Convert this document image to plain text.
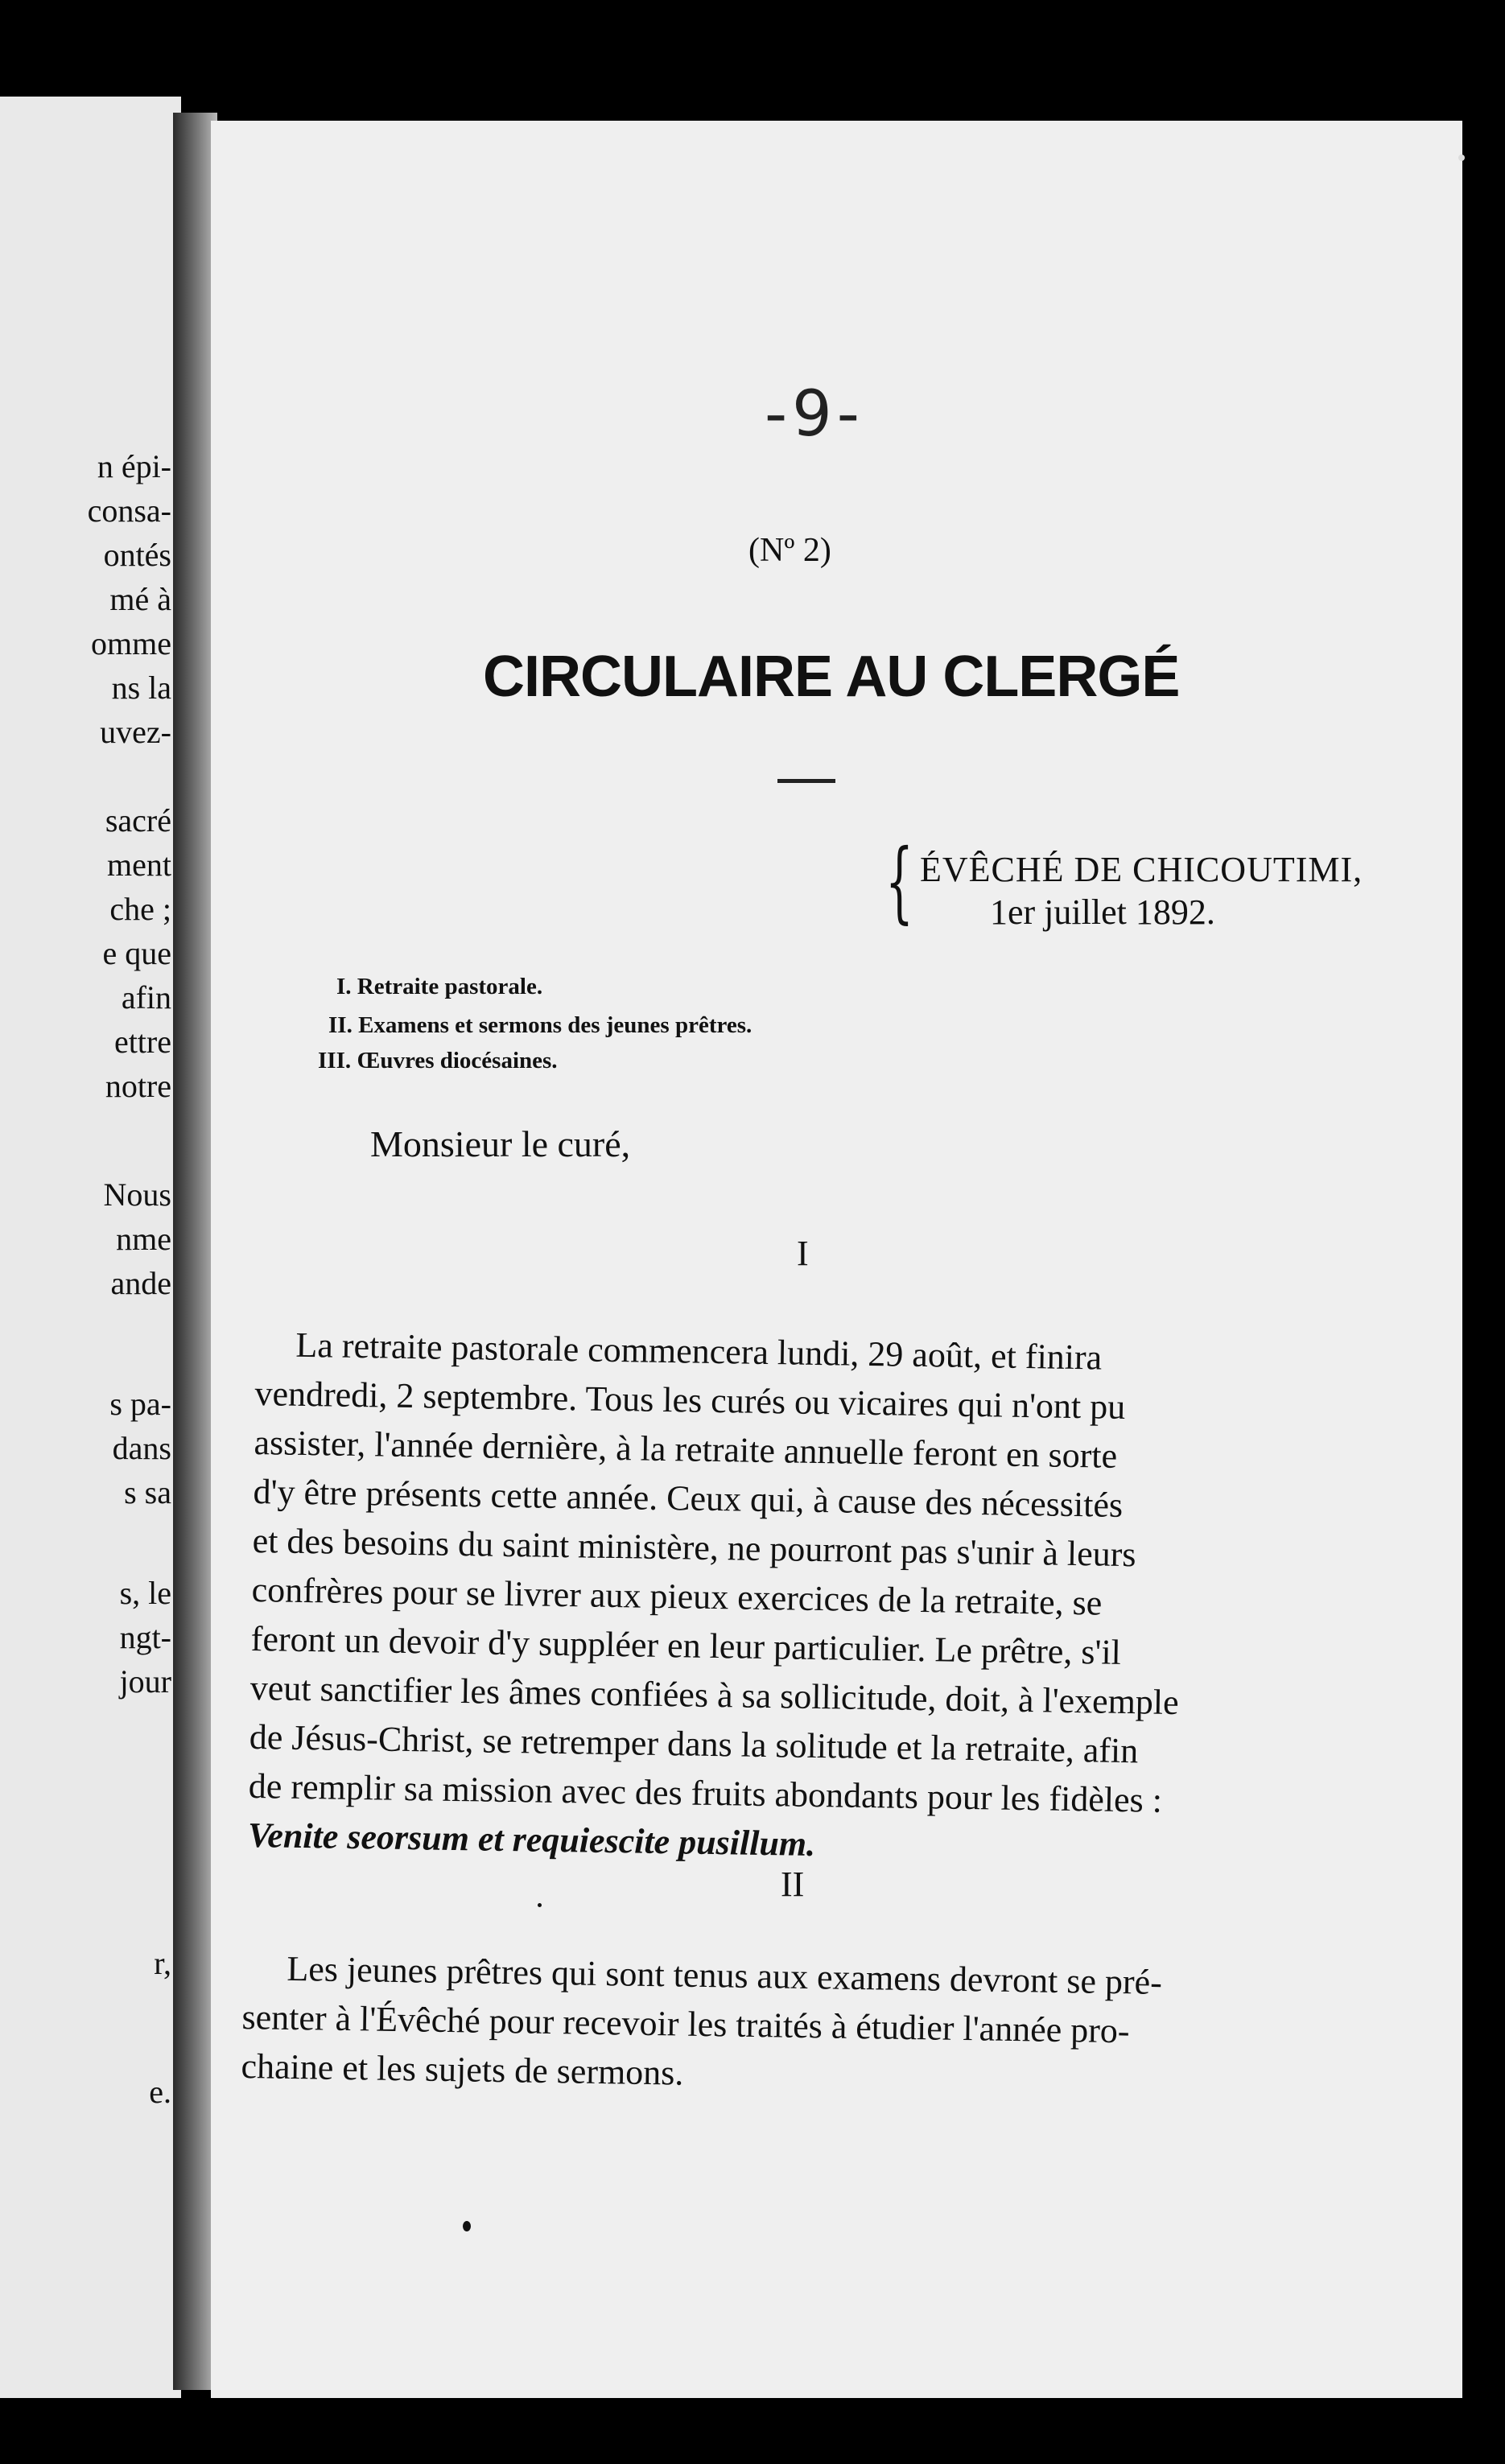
n épi-
consa-
ontés
mé à
omme
ns la
uvez-
sacré
ment
che ;
e que
afin
ettre
notre
Nous
nme
ande
s pa-
dans
s sa
s, le
ngt-
jour
r,
e.
-9-
(Nº 2)
CIRCULAIRE AU CLERGÉ
{ ÉVÊCHÉ DE CHICOUTIMI,
1er juillet 1892.
I. Retraite pastorale.
II. Examens et sermons des jeunes prêtres.
III. Œuvres diocésaines.
Monsieur le curé,
I
La retraite pastorale commencera lundi, 29 août, et finira
vendredi, 2 septembre. Tous les curés ou vicaires qui n'ont pu
assister, l'année dernière, à la retraite annuelle feront en sorte
d'y être présents cette année. Ceux qui, à cause des nécessités
et des besoins du saint ministère, ne pourront pas s'unir à leurs
confrères pour se livrer aux pieux exercices de la retraite, se
feront un devoir d'y suppléer en leur particulier. Le prêtre, s'il
veut sanctifier les âmes confiées à sa sollicitude, doit, à l'exemple
de Jésus-Christ, se retremper dans la solitude et la retraite, afin
de remplir sa mission avec des fruits abondants pour les fidèles :
Venite seorsum et requiescite pusillum.
II
Les jeunes prêtres qui sont tenus aux examens devront se pré-
senter à l'Évêché pour recevoir les traités à étudier l'année pro-
chaine et les sujets de sermons.
